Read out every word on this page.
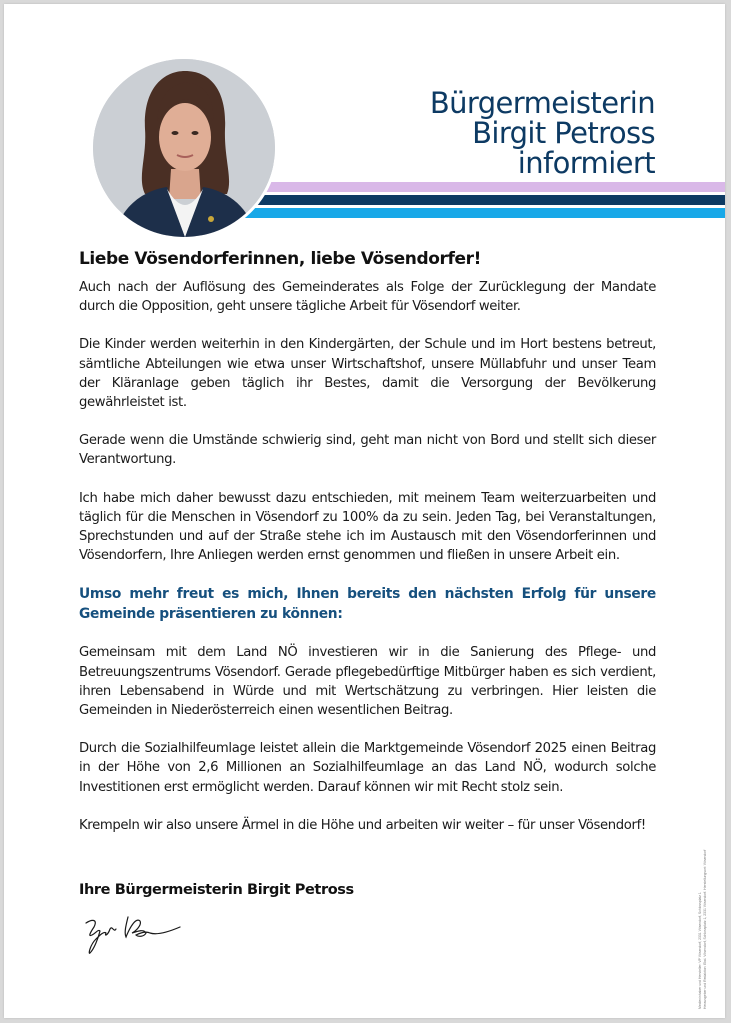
Bürgermeisterin
Birgit Petross
informiert
Liebe Vösendorferinnen, liebe Vösendorfer!

Auch nach der Auflösung des Gemeinderates als Folge der Zurücklegung der Mandate durch die Opposition, geht unsere tägliche Arbeit für Vösendorf weiter.

Die Kinder werden weiterhin in den Kindergärten, der Schule und im Hort bestens betreut, sämtliche Abteilungen wie etwa unser Wirtschaftshof, unsere Müllabfuhr und unser Team der Kläranlage geben täglich ihr Bestes, damit die Versorgung der Bevölkerung gewährleistet ist.

Gerade wenn die Umstände schwierig sind, geht man nicht von Bord und stellt sich dieser Verantwortung.

Ich habe mich daher bewusst dazu entschieden, mit meinem Team weiterzuarbeiten und täglich für die Menschen in Vösendorf zu 100% da zu sein. Jeden Tag, bei Veranstaltungen, Sprechstunden und auf der Straße stehe ich im Austausch mit den Vösendorferinnen und Vösendorfern, Ihre Anliegen werden ernst genommen und fließen in unsere Arbeit ein.

Umso mehr freut es mich, Ihnen bereits den nächsten Erfolg für unsere Gemeinde präsentieren zu können:

Gemeinsam mit dem Land NÖ investieren wir in die Sanierung des Pflege- und Betreuungszentrums Vösendorf. Gerade pflegebedürftige Mitbürger haben es sich verdient, ihren Lebensabend in Würde und mit Wertschätzung zu verbringen. Hier leisten die Gemeinden in Niederösterreich einen wesentlichen Beitrag.

Durch die Sozialhilfeumlage leistet allein die Marktgemeinde Vösendorf 2025 einen Beitrag in der Höhe von 2,6 Millionen an Sozialhilfeumlage an das Land NÖ, wodurch solche Investitionen erst ermöglicht werden. Darauf können wir mit Recht stolz sein.

Krempeln wir also unsere Ärmel in die Höhe und arbeiten wir weiter – für unser Vösendorf!

Ihre Bürgermeisterin Birgit Petross
Medieninhaber und Hersteller: VP Vösendorf, 2331 Vösendorf, Schlossplatz 1 Herausgeber und Redaktion: Ebd. Vösendorf, Schlossplatz 1, 2331 Vösendorf. Herstellungsort: Vösendorf
